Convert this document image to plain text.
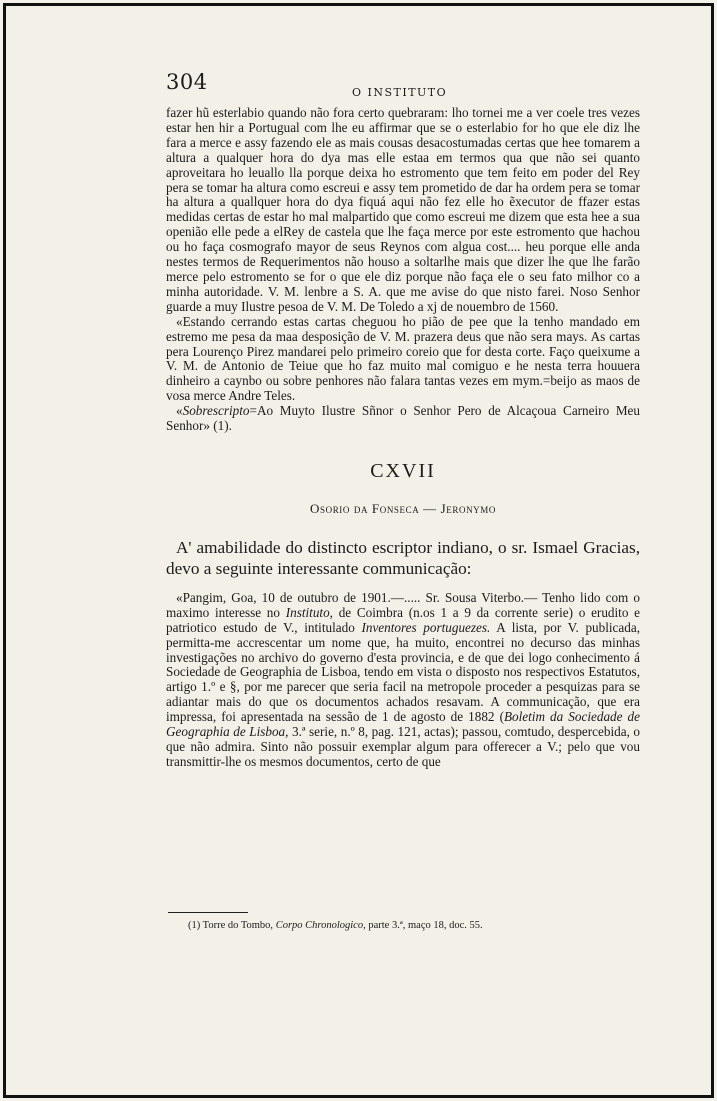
304	O INSTITUTO

fazer hũ esterlabio quando não fora certo quebraram: lho tornei me a ver coele tres vezes estar hen hir a Portugual com lhe eu affirmar que se o esterlabio for ho que ele diz lhe fara a merce e assy fazendo ele as mais cousas desacostumadas certas que hee tomarem a altura a qualquer hora do dya mas elle estaa em termos qua que não sei quanto aproveitara ho leuallo lla porque deixa ho estromento que tem feito em poder del Rey pera se tomar ha altura como escreui e assy tem prometido de dar ha ordem pera se tomar ha altura a quallquer hora do dya fiquá aqui não fez elle ho ẽxecutor de ffazer estas medidas certas de estar ho mal malpartido que como escreui me dizem que esta hee a sua openião elle pede a elRey de castela que lhe faça merce por este estromento que hachou ou ho faça cosmografo mayor de seus Reynos com algua cost.... heu porque elle anda nestes termos de Requerimentos não houso a soltarlhe mais que dizer lhe que lhe farão merce pelo estromento se for o que ele diz porque não faça ele o seu fato milhor co a minha autoridade. V. M. lenbre a S. A. que me avise do que nisto farei. Noso Senhor guarde a muy Ilustre pesoa de V. M. De Toledo a xj de nouembro de 1560.

«Estando cerrando estas cartas cheguou ho pião de pee que la tenho mandado em estremo me pesa da maa desposição de V. M. prazera deus que não sera mays. As cartas pera Lourenço Pirez mandarei pelo primeiro coreio que for desta corte. Faço queixume a V. M. de Antonio de Teiue que ho faz muito mal comiguo e he nesta terra houuera dinheiro a caynbo ou sobre penhores não falara tantas vezes em mym.=beijo as maos de vosa merce Andre Teles.

«Sobrescripto=Ao Muyto Ilustre Sñnor o Senhor Pero de Alcaçoua Carneiro Meu Senhor» (1).

CXVII
Osorio da Fonseca — Jeronymo

A' amabilidade do distincto escriptor indiano, o sr. Ismael Gracias, devo a seguinte interessante communicação:

«Pangim, Goa, 10 de outubro de 1901.—..... Sr. Sousa Viterbo.— Tenho lido com o maximo interesse no Instituto, de Coimbra (n.os 1 a 9 da corrente serie) o erudito e patriotico estudo de V., intitulado Inventores portuguezes. A lista, por V. publicada, permitta-me accrescentar um nome que, ha muito, encontrei no decurso das minhas investigações no archivo do governo d'esta provincia, e de que dei logo conhecimento á Sociedade de Geographia de Lisboa, tendo em vista o disposto nos respectivos Estatutos, artigo 1.º e §, por me parecer que seria facil na metropole proceder a pesquizas para se adiantar mais do que os documentos achados resavam. A communicação, que era impressa, foi apresentada na sessão de 1 de agosto de 1882 (Boletim da Sociedade de Geographia de Lisboa, 3.ª serie, n.º 8, pag. 121, actas); passou, comtudo, despercebida, o que não admira. Sinto não possuir exemplar algum para offerecer a V.; pelo que vou transmittir-lhe os mesmos documentos, certo de que

(1) Torre do Tombo, Corpo Chronologico, parte 3.ª, maço 18, doc. 55.
